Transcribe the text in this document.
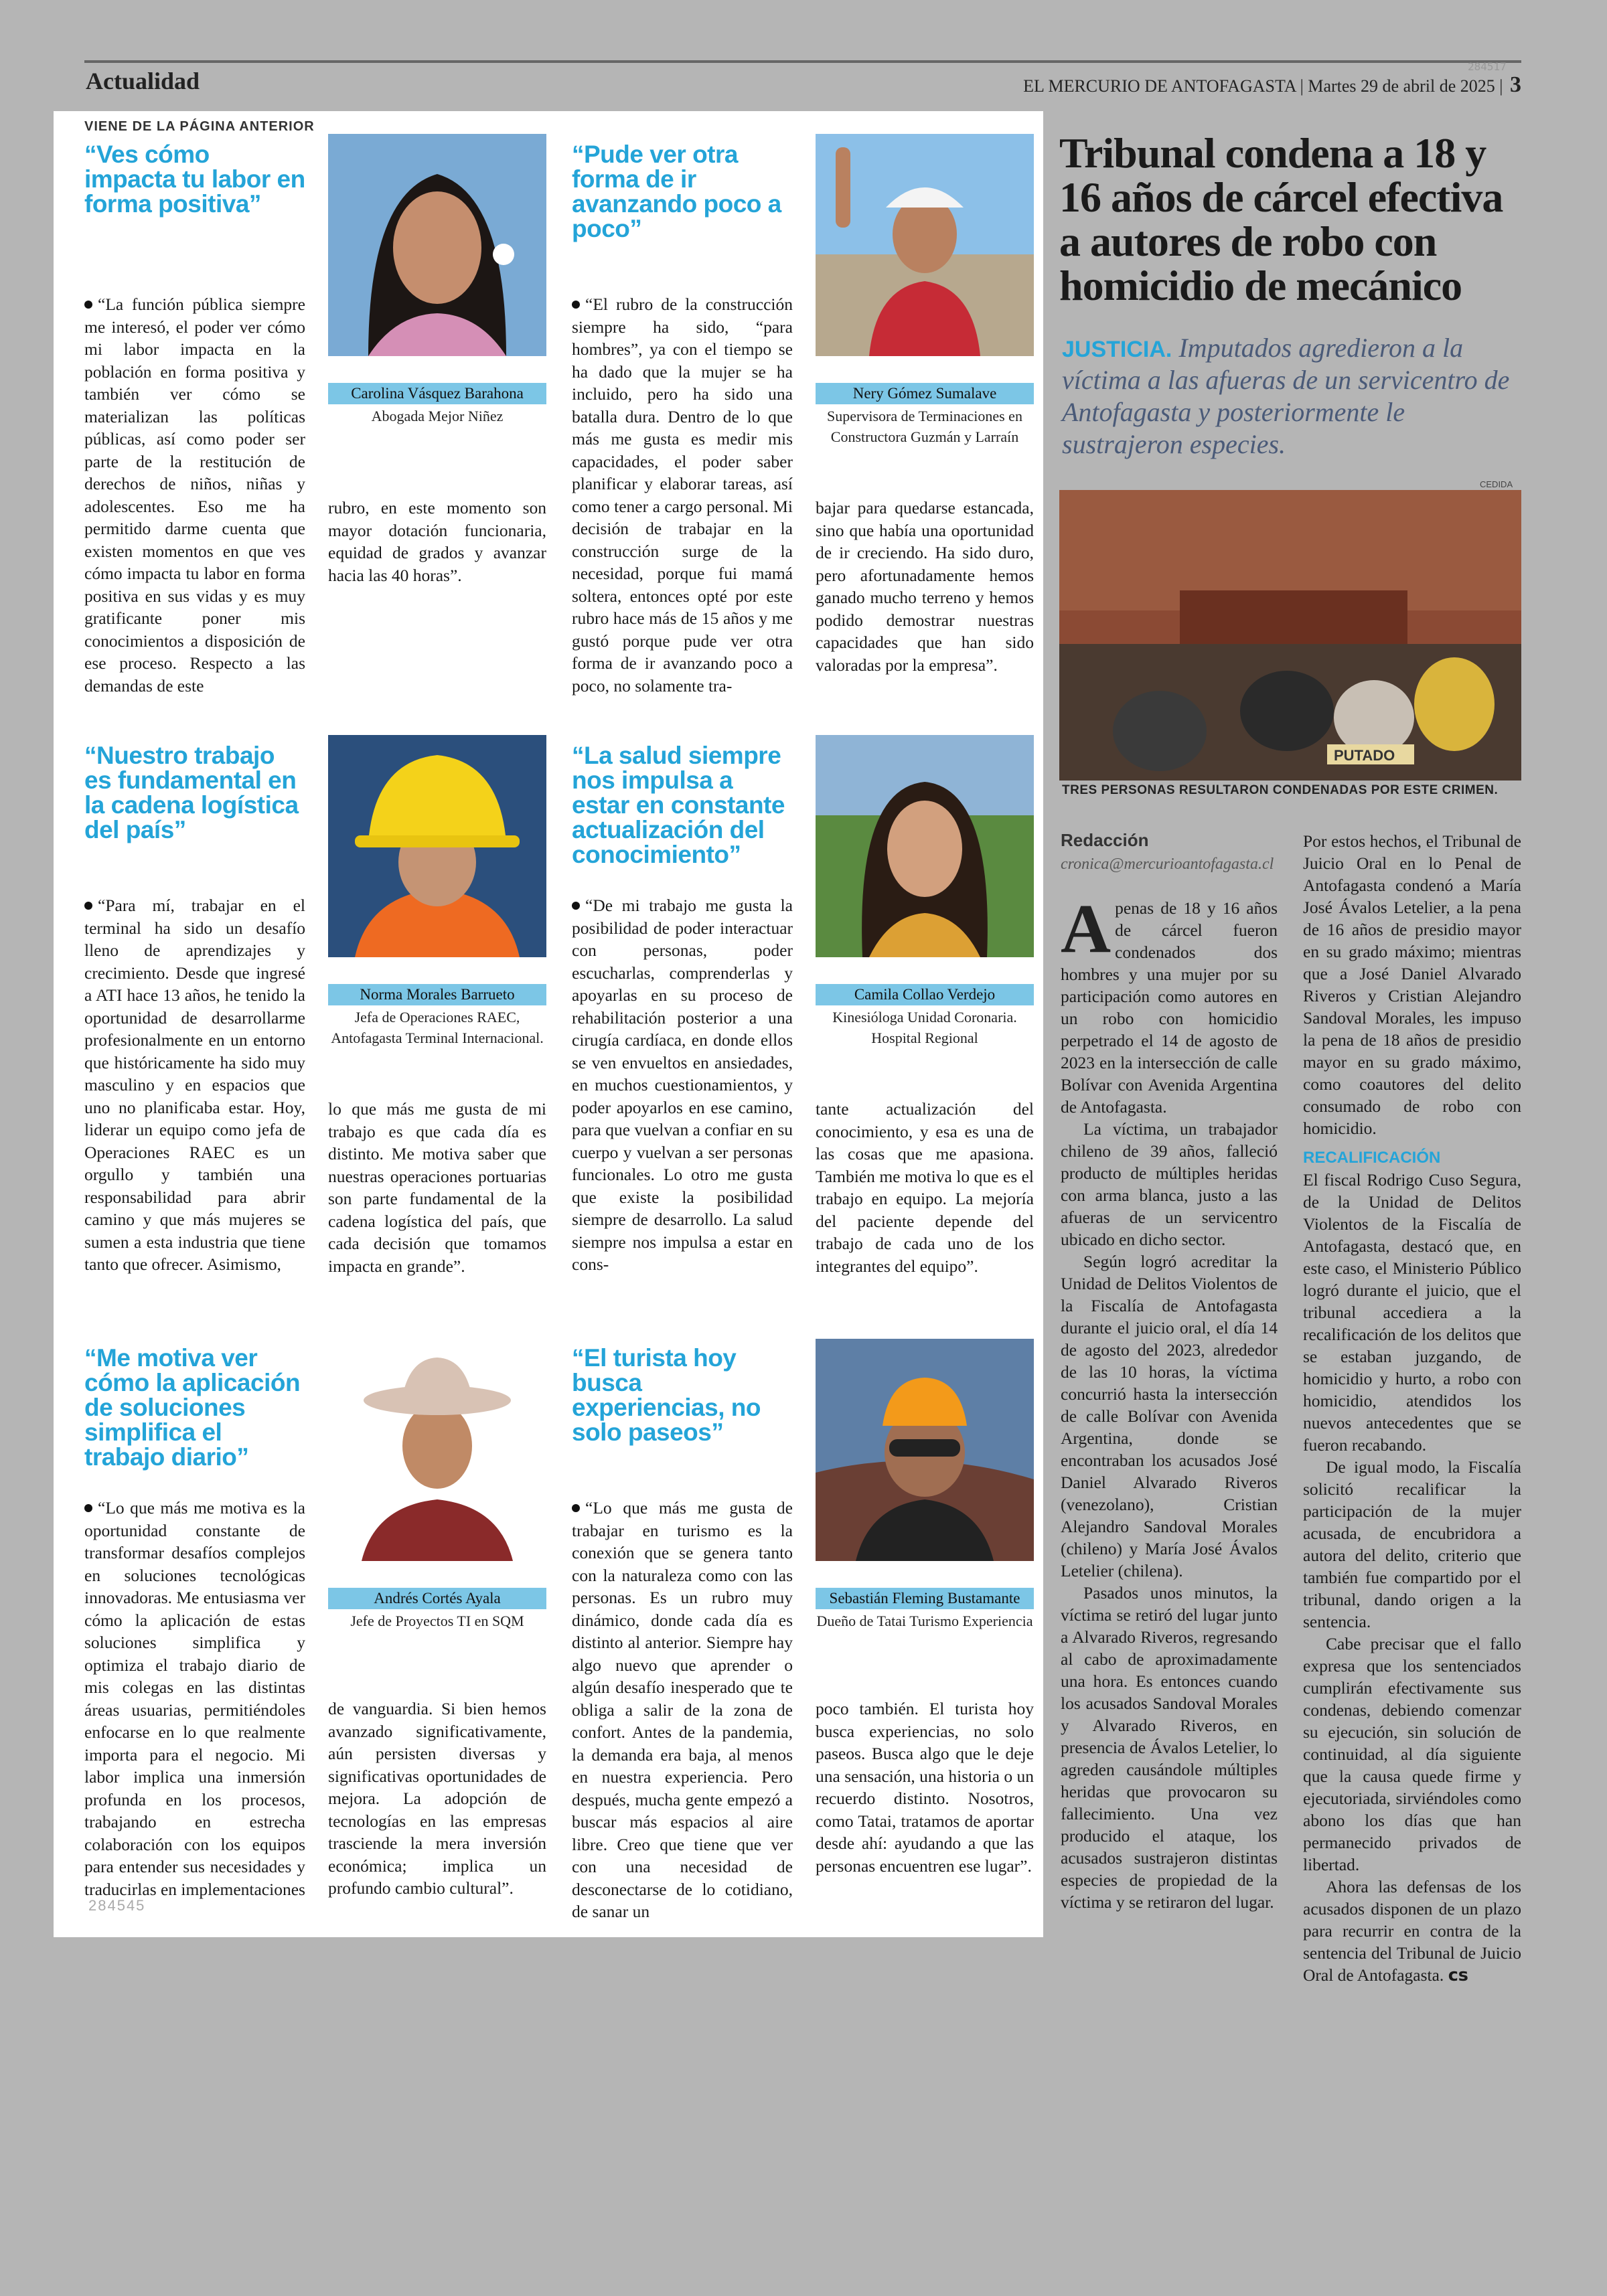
Actualidad	EL MERCURIO DE ANTOFAGASTA | Martes 29 de abril de 2025 | 3
284517
VIENE DE LA PÁGINA ANTERIOR
“Ves cómo impacta tu labor en forma positiva”
“La función pública siempre me interesó, el poder ver cómo mi labor impacta en la población en forma positiva y también ver cómo se materializan las políticas públicas, así como poder ser parte de la restitución de derechos de niños, niñas y adolescentes. Eso me ha permitido darme cuenta que existen momentos en que ves cómo impacta tu labor en forma positiva en sus vidas y es muy gratificante poner mis conocimientos a disposición de ese proceso. Respecto a las demandas de este
Carolina Vásquez Barahona
Abogada Mejor Niñez
rubro, en este momento son mayor dotación funcionaria, equidad de grados y avanzar hacia las 40 horas”.
“Pude ver otra forma de ir avanzando poco a poco”
“El rubro de la construcción siempre ha sido, “para hombres”, ya con el tiempo se ha dado que la mujer se ha incluido, pero ha sido una batalla dura. Dentro de lo que más me gusta es medir mis capacidades, el poder saber planificar y elaborar tareas, así como tener a cargo personal. Mi decisión de trabajar en la construcción surge de la necesidad, porque fui mamá soltera, entonces opté por este rubro hace más de 15 años y me gustó porque pude ver otra forma de ir avanzando poco a poco, no solamente tra-
Nery Gómez Sumalave
Supervisora de Terminaciones en Constructora Guzmán y Larraín
bajar para quedarse estancada, sino que había una oportunidad de ir creciendo. Ha sido duro, pero afortunadamente hemos ganado mucho terreno y hemos podido demostrar nuestras capacidades que han sido valoradas por la empresa”.
“Nuestro trabajo es fundamental en la cadena logística del país”
“Para mí, trabajar en el terminal ha sido un desafío lleno de aprendizajes y crecimiento. Desde que ingresé a ATI hace 13 años, he tenido la oportunidad de desarrollarme profesionalmente en un entorno que históricamente ha sido muy masculino y en espacios que uno no planificaba estar. Hoy, liderar un equipo como jefa de Operaciones RAEC es un orgullo y también una responsabilidad para abrir camino y que más mujeres se sumen a esta industria que tiene tanto que ofrecer. Asimismo,
Norma Morales Barrueto
Jefa de Operaciones RAEC, Antofagasta Terminal Internacional.
lo que más me gusta de mi trabajo es que cada día es distinto. Me motiva saber que nuestras operaciones portuarias son parte fundamental de la cadena logística del país, que cada decisión que tomamos impacta en grande”.
“La salud siempre nos impulsa a estar en constante actualización del conocimiento”
“De mi trabajo me gusta la posibilidad de poder interactuar con personas, poder escucharlas, comprenderlas y apoyarlas en su proceso de rehabilitación posterior a una cirugía cardíaca, en donde ellos se ven envueltos en ansiedades, en muchos cuestionamientos, y poder apoyarlos en ese camino, para que vuelvan a confiar en su cuerpo y vuelvan a ser personas funcionales. Lo otro me gusta que existe la posibilidad siempre de desarrollo. La salud siempre nos impulsa a estar en cons-
Camila Collao Verdejo
Kinesióloga Unidad Coronaria. Hospital Regional
tante actualización del conocimiento, y esa es una de las cosas que me apasiona. También me motiva lo que es el trabajo en equipo. La mejoría del paciente depende del trabajo de cada uno de los integrantes del equipo”.
“Me motiva ver cómo la aplicación de soluciones simplifica el trabajo diario”
“Lo que más me motiva es la oportunidad constante de transformar desafíos complejos en soluciones tecnológicas innovadoras. Me entusiasma ver cómo la aplicación de estas soluciones simplifica y optimiza el trabajo diario de mis colegas en las distintas áreas usuarias, permitiéndoles enfocarse en lo que realmente importa para el negocio. Mi labor implica una inmersión profunda en los procesos, trabajando en estrecha colaboración con los equipos para entender sus necesidades y traducirlas en implementaciones
Andrés Cortés Ayala
Jefe de Proyectos TI en SQM
de vanguardia. Si bien hemos avanzado significativamente, aún persisten diversas y significativas oportunidades de mejora. La adopción de tecnologías en las empresas trasciende la mera inversión económica; implica un profundo cambio cultural”.
“El turista hoy busca experiencias, no solo paseos”
“Lo que más me gusta de trabajar en turismo es la conexión que se genera tanto con la naturaleza como con las personas. Es un rubro muy dinámico, donde cada día es distinto al anterior. Siempre hay algo nuevo que aprender o algún desafío inesperado que te obliga a salir de la zona de confort. Antes de la pandemia, la demanda era baja, al menos en nuestra experiencia. Pero después, mucha gente empezó a buscar más espacios al aire libre. Creo que tiene que ver con una necesidad de desconectarse de lo cotidiano, de sanar un
Sebastián Fleming Bustamante
Dueño de Tatai Turismo Experiencia
poco también. El turista hoy busca experiencias, no solo paseos. Busca algo que le deje una sensación, una historia o un recuerdo distinto. Nosotros, como Tatai, tratamos de aportar desde ahí: ayudando a que las personas encuentren ese lugar”.
284545
Tribunal condena a 18 y 16 años de cárcel efectiva a autores de robo con homicidio de mecánico
JUSTICIA. Imputados agredieron a la víctima a las afueras de un servicentro de Antofagasta y posteriormente le sustrajeron especies.
CEDIDA
PUTADO
TRES PERSONAS RESULTARON CONDENADAS POR ESTE CRIMEN.
Redacción
cronica@mercurioantofagasta.cl

Apenas de 18 y 16 años de cárcel fueron condenados dos hombres y una mujer por su participación como autores en un robo con homicidio perpetrado el 14 de agosto de 2023 en la intersección de calle Bolívar con Avenida Argentina de Antofagasta.

La víctima, un trabajador chileno de 39 años, falleció producto de múltiples heridas con arma blanca, justo a las afueras de un servicentro ubicado en dicho sector.

Según logró acreditar la Unidad de Delitos Violentos de la Fiscalía de Antofagasta durante el juicio oral, el día 14 de agosto del 2023, alrededor de las 10 horas, la víctima concurrió hasta la intersección de calle Bolívar con Avenida Argentina, donde se encontraban los acusados José Daniel Alvarado Riveros (venezolano), Cristian Alejandro Sandoval Morales (chileno) y María José Ávalos Letelier (chilena).

Pasados unos minutos, la víctima se retiró del lugar junto a Alvarado Riveros, regresando al cabo de aproximadamente una hora. Es entonces cuando los acusados Sandoval Morales y Alvarado Riveros, en presencia de Ávalos Letelier, lo agreden causándole múltiples heridas que provocaron su fallecimiento. Una vez producido el ataque, los acusados sustrajeron distintas especies de propiedad de la víctima y se retiraron del lugar.

Por estos hechos, el Tribunal de Juicio Oral en lo Penal de Antofagasta condenó a María José Ávalos Letelier, a la pena de 16 años de presidio mayor en su grado máximo; mientras que a José Daniel Alvarado Riveros y Cristian Alejandro Sandoval Morales, les impuso la pena de 18 años de presidio mayor en su grado máximo, como coautores del delito consumado de robo con homicidio.

RECALIFICACIÓN

El fiscal Rodrigo Cuso Segura, de la Unidad de Delitos Violentos de la Fiscalía de Antofagasta, destacó que, en este caso, el Ministerio Público logró durante el juicio, que el tribunal accediera a la recalificación de los delitos que se estaban juzgando, de homicidio y hurto, a robo con homicidio, atendidos los nuevos antecedentes que se fueron recabando.

De igual modo, la Fiscalía solicitó recalificar la participación de la mujer acusada, de encubridora a autora del delito, criterio que también fue compartido por el tribunal, dando origen a la sentencia.

Cabe precisar que el fallo expresa que los sentenciados cumplirán efectivamente sus condenas, debiendo comenzar su ejecución, sin solución de continuidad, al día siguiente que la causa quede firme y ejecutoriada, sirviéndoles como abono los días que han permanecido privados de libertad.

Ahora las defensas de los acusados disponen de un plazo para recurrir en contra de la sentencia del Tribunal de Juicio Oral de Antofagasta. cs
